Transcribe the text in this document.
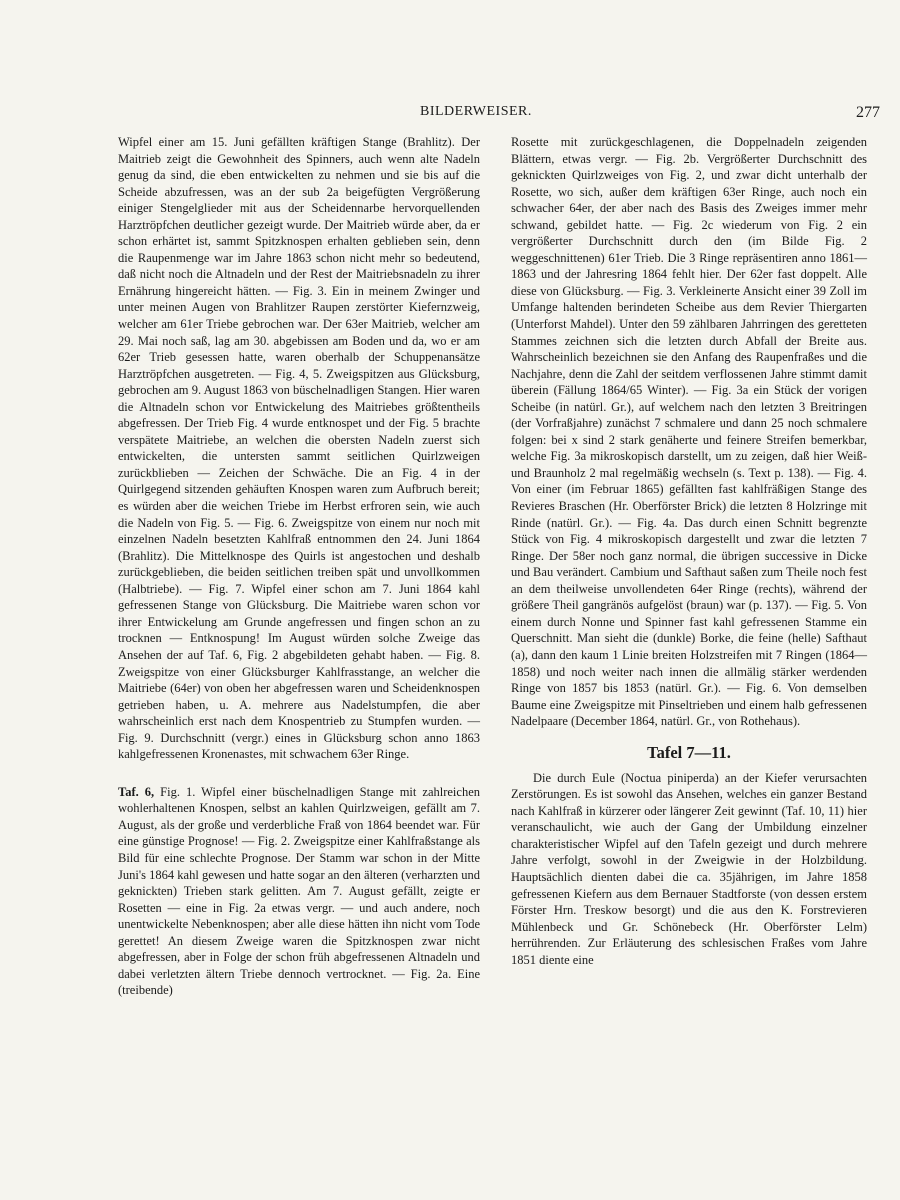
BILDERWEISER.	277

Wipfel einer am 15. Juni gefällten kräftigen Stange (Brahlitz). Der Maitrieb zeigt die Gewohnheit des Spinners, auch wenn alte Nadeln genug da sind, die eben entwickelten zu nehmen und sie bis auf die Scheide abzufressen, was an der sub 2a beigefügten Vergrößerung einiger Stengelglieder mit aus der Scheidennarbe hervorquellenden Harztröpfchen deutlicher gezeigt wurde. Der Maitrieb würde aber, da er schon erhärtet ist, sammt Spitzknospen erhalten geblieben sein, denn die Raupenmenge war im Jahre 1863 schon nicht mehr so bedeutend, daß nicht noch die Altnadeln und der Rest der Maitriebsnadeln zu ihrer Ernährung hingereicht hätten. — Fig. 3. Ein in meinem Zwinger und unter meinen Augen von Brahlitzer Raupen zerstörter Kiefernzweig, welcher am 61er Triebe gebrochen war. Der 63er Maitrieb, welcher am 29. Mai noch saß, lag am 30. abgebissen am Boden und da, wo er am 62er Trieb gesessen hatte, waren oberhalb der Schuppenansätze Harztröpfchen ausgetreten. — Fig. 4, 5. Zweigspitzen aus Glücksburg, gebrochen am 9. August 1863 von büschelnadligen Stangen. Hier waren die Altnadeln schon vor Entwickelung des Maitriebes größtentheils abgefressen. Der Trieb Fig. 4 wurde entknospet und der Fig. 5 brachte verspätete Maitriebe, an welchen die obersten Nadeln zuerst sich entwickelten, die untersten sammt seitlichen Quirlzweigen zurückblieben — Zeichen der Schwäche. Die an Fig. 4 in der Quirlgegend sitzenden gehäuften Knospen waren zum Aufbruch bereit; es würden aber die weichen Triebe im Herbst erfroren sein, wie auch die Nadeln von Fig. 5. — Fig. 6. Zweigspitze von einem nur noch mit einzelnen Nadeln besetzten Kahlfraß entnommen den 24. Juni 1864 (Brahlitz). Die Mittelknospe des Quirls ist angestochen und deshalb zurückgeblieben, die beiden seitlichen treiben spät und unvollkommen (Halbtriebe). — Fig. 7. Wipfel einer schon am 7. Juni 1864 kahl gefressenen Stange von Glücksburg. Die Maitriebe waren schon vor ihrer Entwickelung am Grunde angefressen und fingen schon an zu trocknen — Entknospung! Im August würden solche Zweige das Ansehen der auf Taf. 6, Fig. 2 abgebildeten gehabt haben. — Fig. 8. Zweigspitze von einer Glücksburger Kahlfrasstange, an welcher die Maitriebe (64er) von oben her abgefressen waren und Scheidenknospen getrieben haben, u. A. mehrere aus Nadelstumpfen, die aber wahrscheinlich erst nach dem Knospentrieb zu Stumpfen wurden. — Fig. 9. Durchschnitt (vergr.) eines in Glücksburg schon anno 1863 kahlgefressenen Kronenastes, mit schwachem 63er Ringe.

Taf. 6, Fig. 1. Wipfel einer büschelnadligen Stange mit zahlreichen wohlerhaltenen Knospen, selbst an kahlen Quirlzweigen, gefällt am 7. August, als der große und verderbliche Fraß von 1864 beendet war. Für eine günstige Prognose! — Fig. 2. Zweigspitze einer Kahlfraßstange als Bild für eine schlechte Prognose. Der Stamm war schon in der Mitte Juni's 1864 kahl gewesen und hatte sogar an den älteren (verharzten und geknickten) Trieben stark gelitten. Am 7. August gefällt, zeigte er Rosetten — eine in Fig. 2a etwas vergr. — und auch andere, noch unentwickelte Nebenknospen; aber alle diese hätten ihn nicht vom Tode gerettet! An diesem Zweige waren die Spitzknospen zwar nicht abgefressen, aber in Folge der schon früh abgefressenen Altnadeln und dabei verletzten ältern Triebe dennoch vertrocknet. — Fig. 2a. Eine (treibende)

Rosette mit zurückgeschlagenen, die Doppelnadeln zeigenden Blättern, etwas vergr. — Fig. 2b. Vergrößerter Durchschnitt des geknickten Quirlzweiges von Fig. 2, und zwar dicht unterhalb der Rosette, wo sich, außer dem kräftigen 63er Ringe, auch noch ein schwacher 64er, der aber nach des Basis des Zweiges immer mehr schwand, gebildet hatte. — Fig. 2c wiederum von Fig. 2 ein vergrößerter Durchschnitt durch den (im Bilde Fig. 2 weggeschnittenen) 61er Trieb. Die 3 Ringe repräsentiren anno 1861—1863 und der Jahresring 1864 fehlt hier. Der 62er fast doppelt. Alle diese von Glücksburg. — Fig. 3. Verkleinerte Ansicht einer 39 Zoll im Umfange haltenden berindeten Scheibe aus dem Revier Thiergarten (Unterforst Mahdel). Unter den 59 zählbaren Jahrringen des geretteten Stammes zeichnen sich die letzten durch Abfall der Breite aus. Wahrscheinlich bezeichnen sie den Anfang des Raupenfraßes und die Nachjahre, denn die Zahl der seitdem verflossenen Jahre stimmt damit überein (Fällung 1864/65 Winter). — Fig. 3a ein Stück der vorigen Scheibe (in natürl. Gr.), auf welchem nach den letzten 3 Breitringen (der Vorfraßjahre) zunächst 7 schmalere und dann 25 noch schmalere folgen: bei x sind 2 stark genäherte und feinere Streifen bemerkbar, welche Fig. 3a mikroskopisch darstellt, um zu zeigen, daß hier Weiß- und Braunholz 2 mal regelmäßig wechseln (s. Text p. 138). — Fig. 4. Von einer (im Februar 1865) gefällten fast kahlfräßigen Stange des Revieres Braschen (Hr. Oberförster Brick) die letzten 8 Holzringe mit Rinde (natürl. Gr.). — Fig. 4a. Das durch einen Schnitt begrenzte Stück von Fig. 4 mikroskopisch dargestellt und zwar die letzten 7 Ringe. Der 58er noch ganz normal, die übrigen successive in Dicke und Bau verändert. Cambium und Safthaut saßen zum Theile noch fest an dem theilweise unvollendeten 64er Ringe (rechts), während der größere Theil gangränös aufgelöst (braun) war (p. 137). — Fig. 5. Von einem durch Nonne und Spinner fast kahl gefressenen Stamme ein Querschnitt. Man sieht die (dunkle) Borke, die feine (helle) Safthaut (a), dann den kaum 1 Linie breiten Holzstreifen mit 7 Ringen (1864—1858) und noch weiter nach innen die allmälig stärker werdenden Ringe von 1857 bis 1853 (natürl. Gr.). — Fig. 6. Von demselben Baume eine Zweigspitze mit Pinseltrieben und einem halb gefressenen Nadelpaare (December 1864, natürl. Gr., von Rothehaus).

Tafel 7—11.

Die durch Eule (Noctua piniperda) an der Kiefer verursachten Zerstörungen. Es ist sowohl das Ansehen, welches ein ganzer Bestand nach Kahlfraß in kürzerer oder längerer Zeit gewinnt (Taf. 10, 11) hier veranschaulicht, wie auch der Gang der Umbildung einzelner charakteristischer Wipfel auf den Tafeln gezeigt und durch mehrere Jahre verfolgt, sowohl in der Zweigwie in der Holzbildung. Hauptsächlich dienten dabei die ca. 35jährigen, im Jahre 1858 gefressenen Kiefern aus dem Bernauer Stadtforste (von dessen erstem Förster Hrn. Treskow besorgt) und die aus den K. Forstrevieren Mühlenbeck und Gr. Schönebeck (Hr. Oberförster Lelm) herrührenden. Zur Erläuterung des schlesischen Fraßes vom Jahre 1851 diente eine
